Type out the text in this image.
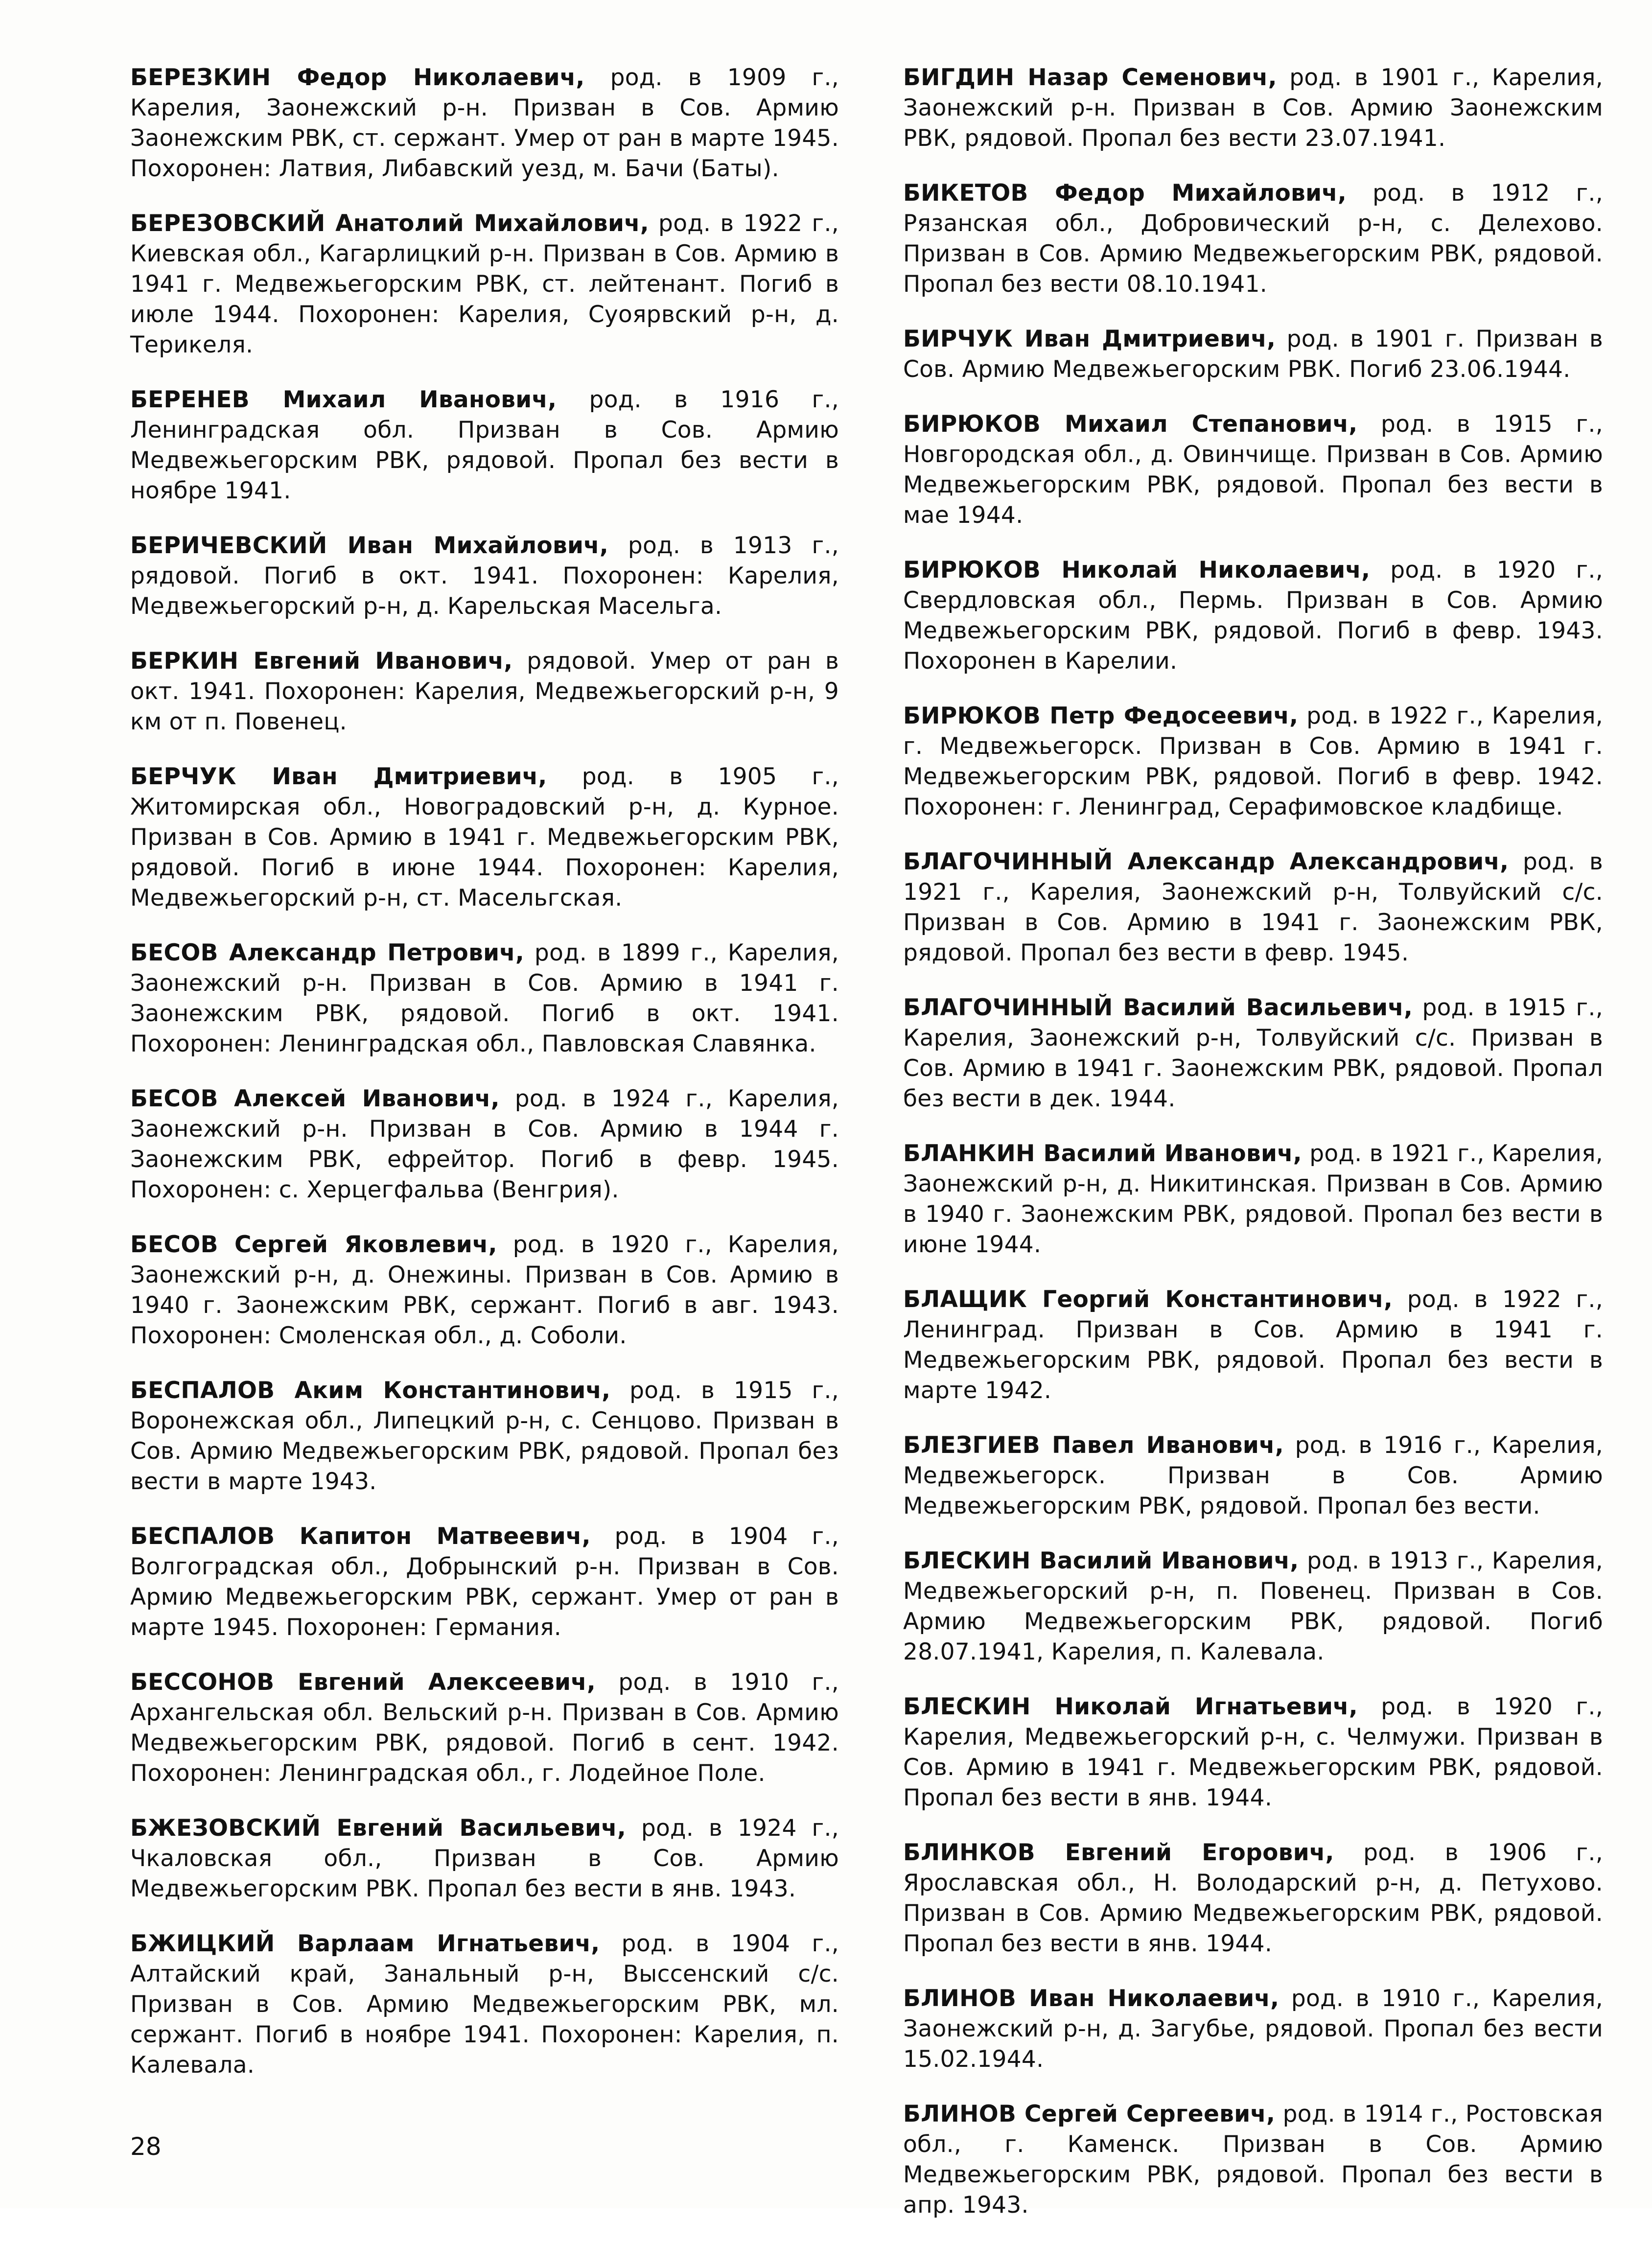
БЕРЕЗКИН Федор Николаевич, род. в 1909 г., Карелия, Заонежский р-н. Призван в Сов. Армию Заонежским РВК, ст. сержант. Умер от ран в марте 1945. Похоронен: Латвия, Либавский уезд, м. Бачи (Баты).

БЕРЕЗОВСКИЙ Анатолий Михайлович, род. в 1922 г., Киевская обл., Кагарлицкий р-н. Призван в Сов. Армию в 1941 г. Медвежьегорским РВК, ст. лейтенант. Погиб в июле 1944. Похоронен: Карелия, Суоярвский р-н, д. Терикеля.

БЕРЕНЕВ Михаил Иванович, род. в 1916 г., Ленинградская обл. Призван в Сов. Армию Медвежьегорским РВК, рядовой. Пропал без вести в ноябре 1941.

БЕРИЧЕВСКИЙ Иван Михайлович, род. в 1913 г., рядовой. Погиб в окт. 1941. Похоронен: Карелия, Медвежьегорский р-н, д. Карельская Масельга.

БЕРКИН Евгений Иванович, рядовой. Умер от ран в окт. 1941. Похоронен: Карелия, Медвежьегорский р-н, 9 км от п. Повенец.

БЕРЧУК Иван Дмитриевич, род. в 1905 г., Житомирская обл., Новоградовский р-н, д. Курное. Призван в Сов. Армию в 1941 г. Медвежьегорским РВК, рядовой. Погиб в июне 1944. Похоронен: Карелия, Медвежьегорский р-н, ст. Масельгская.

БЕСОВ Александр Петрович, род. в 1899 г., Карелия, Заонежский р-н. Призван в Сов. Армию в 1941 г. Заонежским РВК, рядовой. Погиб в окт. 1941. Похоронен: Ленинградская обл., Павловская Славянка.

БЕСОВ Алексей Иванович, род. в 1924 г., Карелия, Заонежский р-н. Призван в Сов. Армию в 1944 г. Заонежским РВК, ефрейтор. Погиб в февр. 1945. Похоронен: с. Херцегфальва (Венгрия).

БЕСОВ Сергей Яковлевич, род. в 1920 г., Карелия, Заонежский р-н, д. Онежины. Призван в Сов. Армию в 1940 г. Заонежским РВК, сержант. Погиб в авг. 1943. Похоронен: Смоленская обл., д. Соболи.

БЕСПАЛОВ Аким Константинович, род. в 1915 г., Воронежская обл., Липецкий р-н, с. Сенцово. Призван в Сов. Армию Медвежьегорским РВК, рядовой. Пропал без вести в марте 1943.

БЕСПАЛОВ Капитон Матвеевич, род. в 1904 г., Волгоградская обл., Добрынский р-н. Призван в Сов. Армию Медвежьегорским РВК, сержант. Умер от ран в марте 1945. Похоронен: Германия.

БЕССОНОВ Евгений Алексеевич, род. в 1910 г., Архангельская обл. Вельский р-н. Призван в Сов. Армию Медвежьегорским РВК, рядовой. Погиб в сент. 1942. Похоронен: Ленинградская обл., г. Лодейное Поле.

БЖЕЗОВСКИЙ Евгений Васильевич, род. в 1924 г., Чкаловская обл., Призван в Сов. Армию Медвежьегорским РВК. Пропал без вести в янв. 1943.

БЖИЦКИЙ Варлаам Игнатьевич, род. в 1904 г., Алтайский край, Занальный р-н, Выссенский с/с. Призван в Сов. Армию Медвежьегорским РВК, мл. сержант. Погиб в ноябре 1941. Похоронен: Карелия, п. Калевала.

БИГДИН Назар Семенович, род. в 1901 г., Карелия, Заонежский р-н. Призван в Сов. Армию Заонежским РВК, рядовой. Пропал без вести 23.07.1941.

БИКЕТОВ Федор Михайлович, род. в 1912 г., Рязанская обл., Добровичеcкий р-н, с. Делехово. Призван в Сов. Армию Медвежьегорским РВК, рядовой. Пропал без вести 08.10.1941.

БИРЧУК Иван Дмитриевич, род. в 1901 г. Призван в Сов. Армию Медвежьегорским РВК. Погиб 23.06.1944.

БИРЮКОВ Михаил Степанович, род. в 1915 г., Новгородская обл., д. Овинчище. Призван в Сов. Армию Медвежьегорским РВК, рядовой. Пропал без вести в мае 1944.

БИРЮКОВ Николай Николаевич, род. в 1920 г., Свердловская обл., Пермь. Призван в Сов. Армию Медвежьегорским РВК, рядовой. Погиб в февр. 1943. Похоронен в Карелии.

БИРЮКОВ Петр Федосеевич, род. в 1922 г., Карелия, г. Медвежьегорск. Призван в Сов. Армию в 1941 г. Медвежьегорским РВК, рядовой. Погиб в февр. 1942. Похоронен: г. Ленинград, Серафимовское кладбище.

БЛАГОЧИННЫЙ Александр Александрович, род. в 1921 г., Карелия, Заонежский р-н, Толвуйский с/с. Призван в Сов. Армию в 1941 г. Заонежским РВК, рядовой. Пропал без вести в февр. 1945.

БЛАГОЧИННЫЙ Василий Васильевич, род. в 1915 г., Карелия, Заонежский р-н, Толвуйский с/с. Призван в Сов. Армию в 1941 г. Заонежским РВК, рядовой. Пропал без вести в дек. 1944.

БЛАНКИН Василий Иванович, род. в 1921 г., Карелия, Заонежский р-н, д. Никитинская. Призван в Сов. Армию в 1940 г. Заонежским РВК, рядовой. Пропал без вести в июне 1944.

БЛАЩИК Георгий Константинович, род. в 1922 г., Ленинград. Призван в Сов. Армию в 1941 г. Медвежьегорским РВК, рядовой. Пропал без вести в марте 1942.

БЛЕЗГИЕВ Павел Иванович, род. в 1916 г., Карелия, Медвежьегорск. Призван в Сов. Армию Медвежьегорским РВК, рядовой. Пропал без вести.

БЛЕСКИН Василий Иванович, род. в 1913 г., Карелия, Медвежьегорский р-н, п. Повенец. Призван в Сов. Армию Медвежьегорским РВК, рядовой. Погиб 28.07.1941, Карелия, п. Калевала.

БЛЕСКИН Николай Игнатьевич, род. в 1920 г., Карелия, Медвежьегорский р-н, с. Челмужи. Призван в Сов. Армию в 1941 г. Медвежьегорским РВК, рядовой. Пропал без вести в янв. 1944.

БЛИНКОВ Евгений Егорович, род. в 1906 г., Ярославская обл., Н. Володарский р-н, д. Петухово. Призван в Сов. Армию Медвежьегорским РВК, рядовой. Пропал без вести в янв. 1944.

БЛИНОВ Иван Николаевич, род. в 1910 г., Карелия, Заонежский р-н, д. Загубье, рядовой. Пропал без вести 15.02.1944.

БЛИНОВ Сергей Сергеевич, род. в 1914 г., Ростовская обл., г. Каменск. Призван в Сов. Армию Медвежьегорским РВК, рядовой. Пропал без вести в апр. 1943.

28
